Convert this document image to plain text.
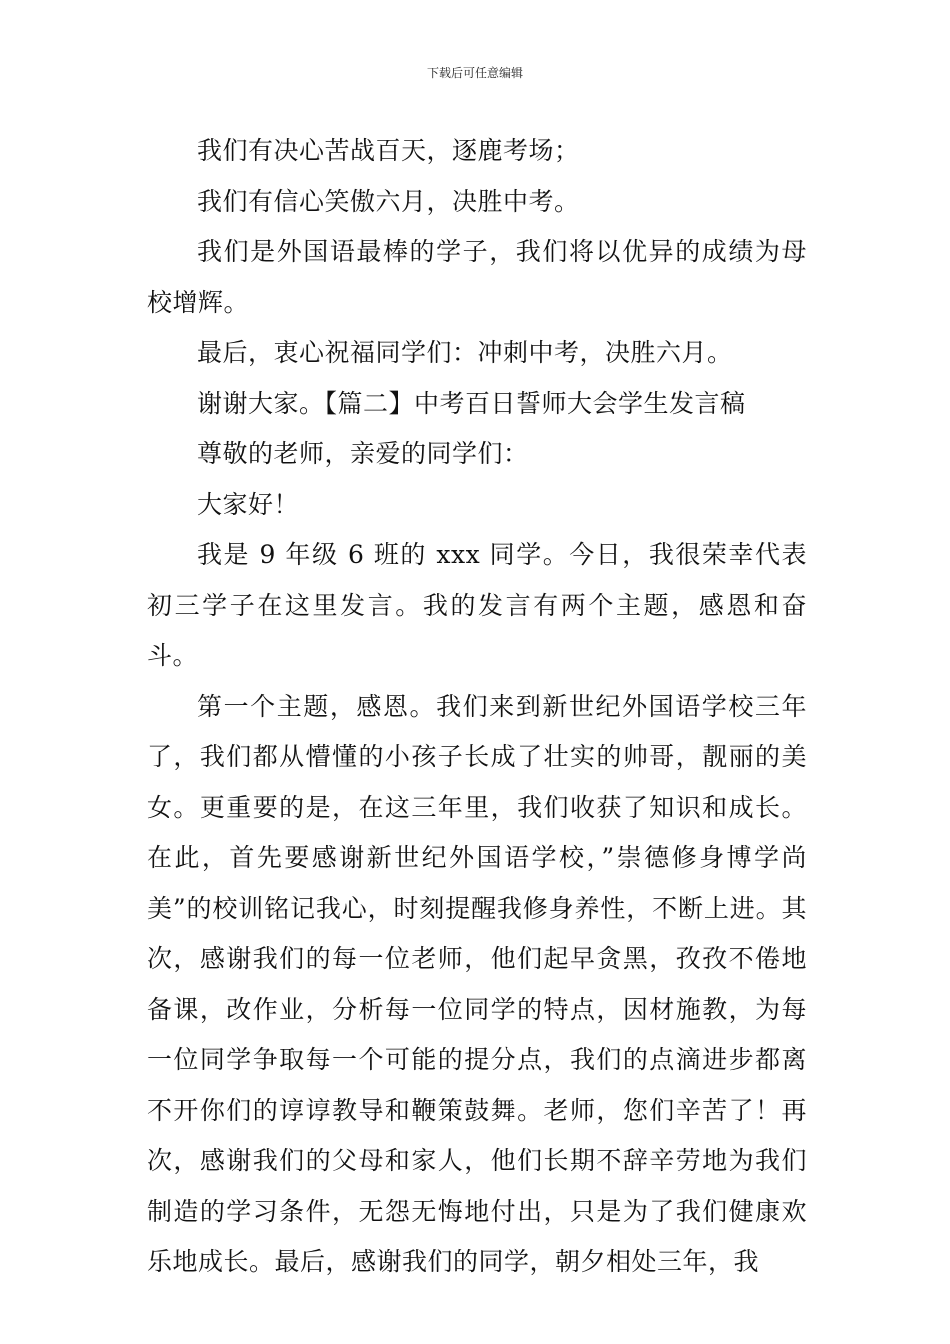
下载后可任意编辑

我们有决心苦战百天，逐鹿考场；

我们有信心笑傲六月，决胜中考。

我们是外国语最棒的学子，我们将以优异的成绩为母校增辉。

最后，衷心祝福同学们：冲刺中考，决胜六月。

谢谢大家。【篇二】中考百日誓师大会学生发言稿

尊敬的老师，亲爱的同学们：

大家好！

我是 9 年级 6 班的 xxx 同学。今日，我很荣幸代表初三学子在这里发言。我的发言有两个主题，感恩和奋斗。

第一个主题，感恩。我们来到新世纪外国语学校三年了，我们都从懵懂的小孩子长成了壮实的帅哥，靓丽的美女。更重要的是，在这三年里，我们收获了知识和成长。在此，首先要感谢新世纪外国语学校，”崇德修身博学尚美”的校训铭记我心，时刻提醒我修身养性，不断上进。其次，感谢我们的每一位老师，他们起早贪黑，孜孜不倦地备课，改作业，分析每一位同学的特点，因材施教，为每一位同学争取每一个可能的提分点，我们的点滴进步都离不开你们的谆谆教导和鞭策鼓舞。老师，您们辛苦了！再次，感谢我们的父母和家人，他们长期不辞辛劳地为我们制造的学习条件，无怨无悔地付出，只是为了我们健康欢乐地成长。最后，感谢我们的同学，朝夕相处三年，我
